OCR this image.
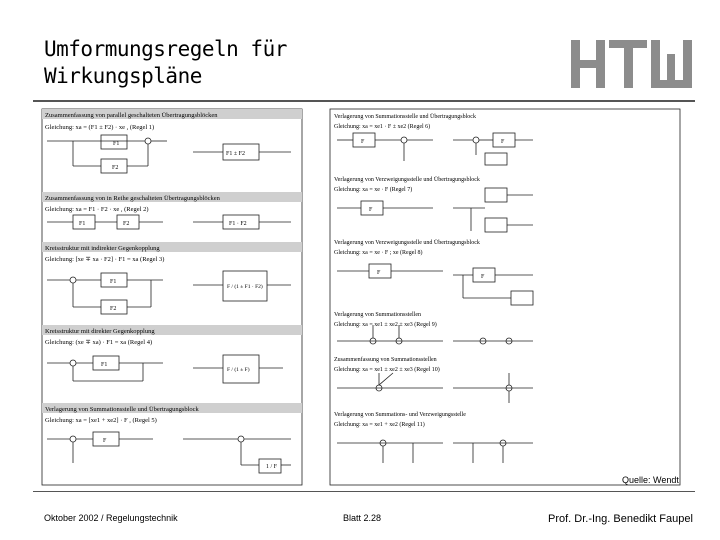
Umformungsregeln für
Wirkungspläne
Zusammenfassung von parallel geschalteten Übertragungsblöcken
Gleichung: xa = (F1 ± F2) · xe , (Regel 1)
F1
F2
F1 ± F2
Zusammenfassung von in Reihe geschalteten Übertragungsblöcken
Gleichung: xa = F1 · F2 · xe , (Regel 2)
F1	F2	F1 · F2
Kreisstruktur mit indirekter Gegenkopplung
Gleichung: [xe ∓ xa · F2] · F1 = xa (Regel 3)
F1
F2
F / (1 ± F1 · F2)
Kreisstruktur mit direkter Gegenkopplung
Gleichung: (xe ∓ xa) · F1 = xa (Regel 4)
F1
F / (1 ± F)
Verlagerung von Summationsstelle und Übertragungsblock
Gleichung: xa = [xe1 + xe2] · F , (Regel 5)
F
1 / F
Verlagerung von Summationsstelle und Übertragungsblock
Gleichung: xa = xe1 · F ± xe2 (Regel 6)
F	F
Verlagerung von Verzweigungsstelle und Übertragungsblock
Gleichung: xa = xe · F (Regel 7)
F
Verlagerung von Verzweigungsstelle und Übertragungsblock
Gleichung: xa = xe · F ; xe (Regel 8)
F
F
Verlagerung von Summationsstellen
Gleichung: xa = xe1 ± xe2 ± xe3 (Regel 9)
Zusammenfassung von Summationsstellen
Gleichung: xa = xe1 ± xe2 ± xe3 (Regel 10)
Verlagerung von Summations- und Verzweigungsstelle
Gleichung: xa = xe1 + xe2 (Regel 11)
Quelle: Wendt
Oktober 2002 / Regelungstechnik	Blatt 2.28	Prof. Dr.-Ing. Benedikt Faupel
